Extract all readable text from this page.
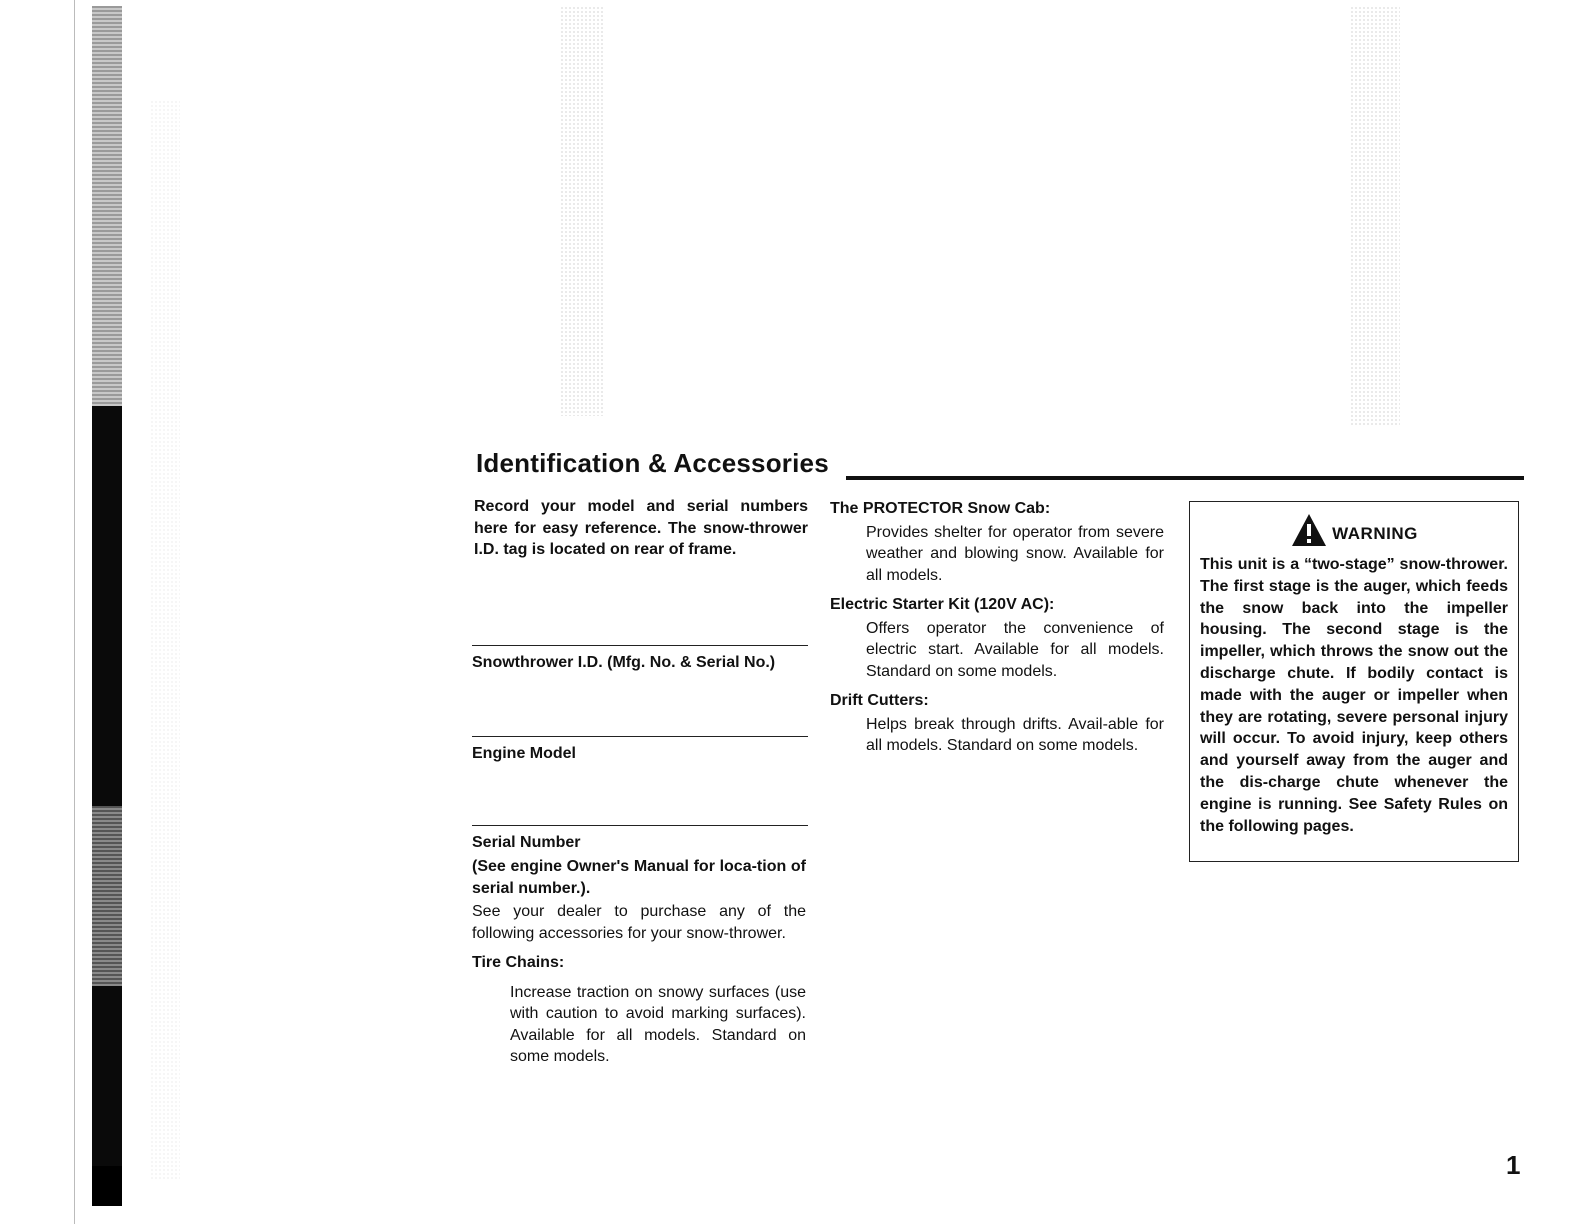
Identification & Accessories
Record your model and serial numbers here for easy reference. The snow-thrower I.D. tag is located on rear of frame.
Snowthrower I.D. (Mfg. No. & Serial No.)
Engine Model
Serial Number
(See engine Owner's Manual for loca-tion of serial number.).
See your dealer to purchase any of the following accessories for your snow-thrower.
Tire Chains:
Increase traction on snowy surfaces (use with caution to avoid marking surfaces). Available for all models. Standard on some models.
The PROTECTOR Snow Cab:
Provides shelter for operator from severe weather and blowing snow. Available for all models.
Electric Starter Kit (120V AC):
Offers operator the convenience of electric start. Available for all models. Standard on some models.
Drift Cutters:
Helps break through drifts. Avail-able for all models. Standard on some models.
WARNING
This unit is a “two-stage” snow-thrower. The first stage is the auger, which feeds the snow back into the impeller housing. The second stage is the impeller, which throws the snow out the discharge chute. If bodily contact is made with the auger or impeller when they are rotating, severe personal injury will occur. To avoid injury, keep others and yourself away from the auger and the dis-charge chute whenever the engine is running. See Safety Rules on the following pages.
1
